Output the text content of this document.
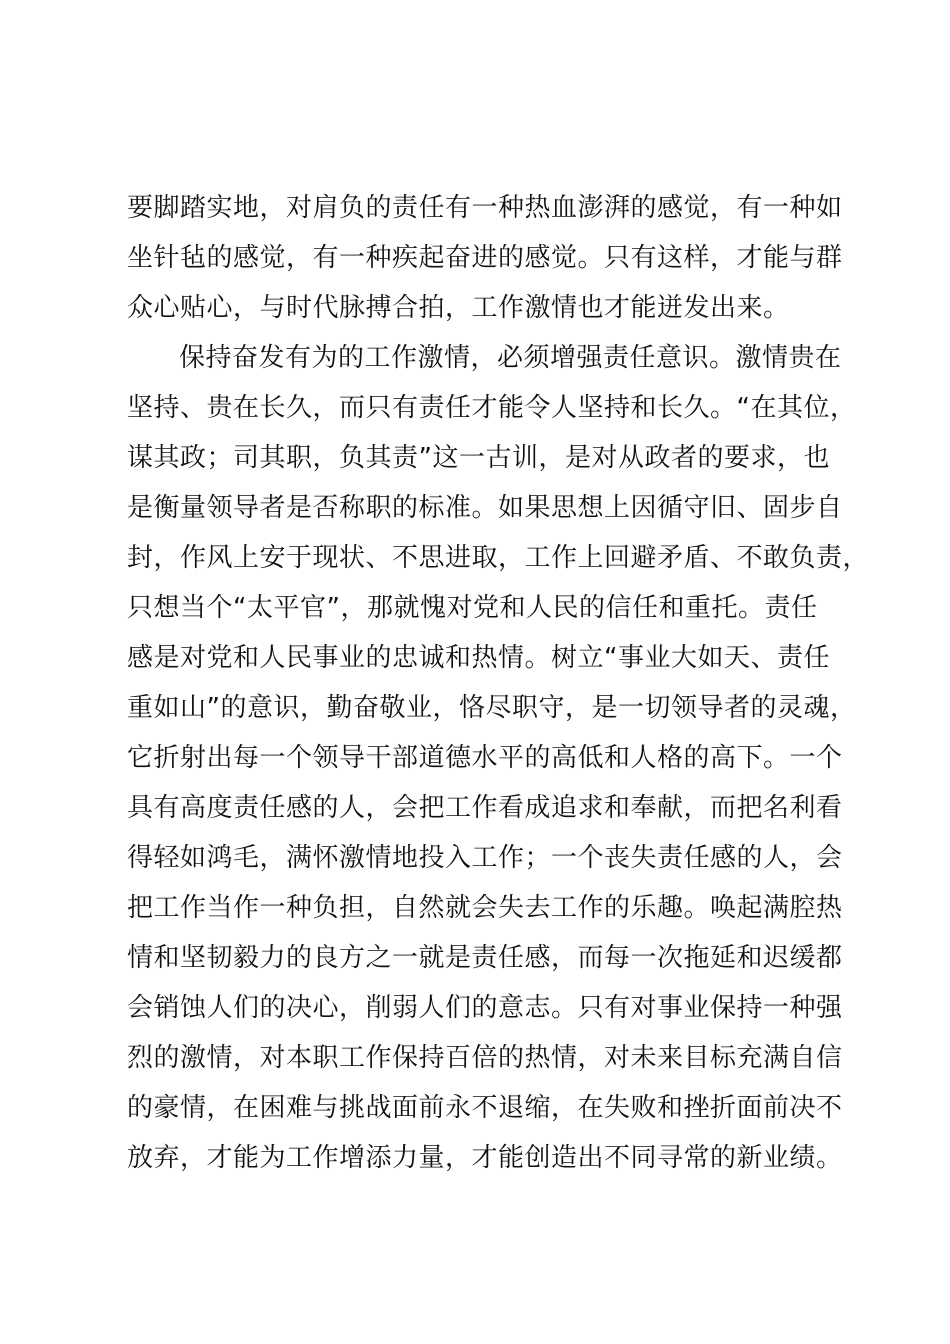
要脚踏实地，对肩负的责任有一种热血澎湃的感觉，有一种如
坐针毡的感觉，有一种疾起奋进的感觉。只有这样，才能与群
众心贴心，与时代脉搏合拍，工作激情也才能迸发出来。
保持奋发有为的工作激情，必须增强责任意识。激情贵在
坚持、贵在长久，而只有责任才能令人坚持和长久。“在其位，
谋其政；司其职，负其责”这一古训，是对从政者的要求，也
是衡量领导者是否称职的标准。如果思想上因循守旧、固步自
封，作风上安于现状、不思进取，工作上回避矛盾、不敢负责，
只想当个“太平官”，那就愧对党和人民的信任和重托。责任
感是对党和人民事业的忠诚和热情。树立“事业大如天、责任
重如山”的意识，勤奋敬业，恪尽职守，是一切领导者的灵魂，
它折射出每一个领导干部道德水平的高低和人格的高下。一个
具有高度责任感的人，会把工作看成追求和奉献，而把名利看
得轻如鸿毛，满怀激情地投入工作；一个丧失责任感的人，会
把工作当作一种负担，自然就会失去工作的乐趣。唤起满腔热
情和坚韧毅力的良方之一就是责任感，而每一次拖延和迟缓都
会销蚀人们的决心，削弱人们的意志。只有对事业保持一种强
烈的激情，对本职工作保持百倍的热情，对未来目标充满自信
的豪情，在困难与挑战面前永不退缩，在失败和挫折面前决不
放弃，才能为工作增添力量，才能创造出不同寻常的新业绩。
